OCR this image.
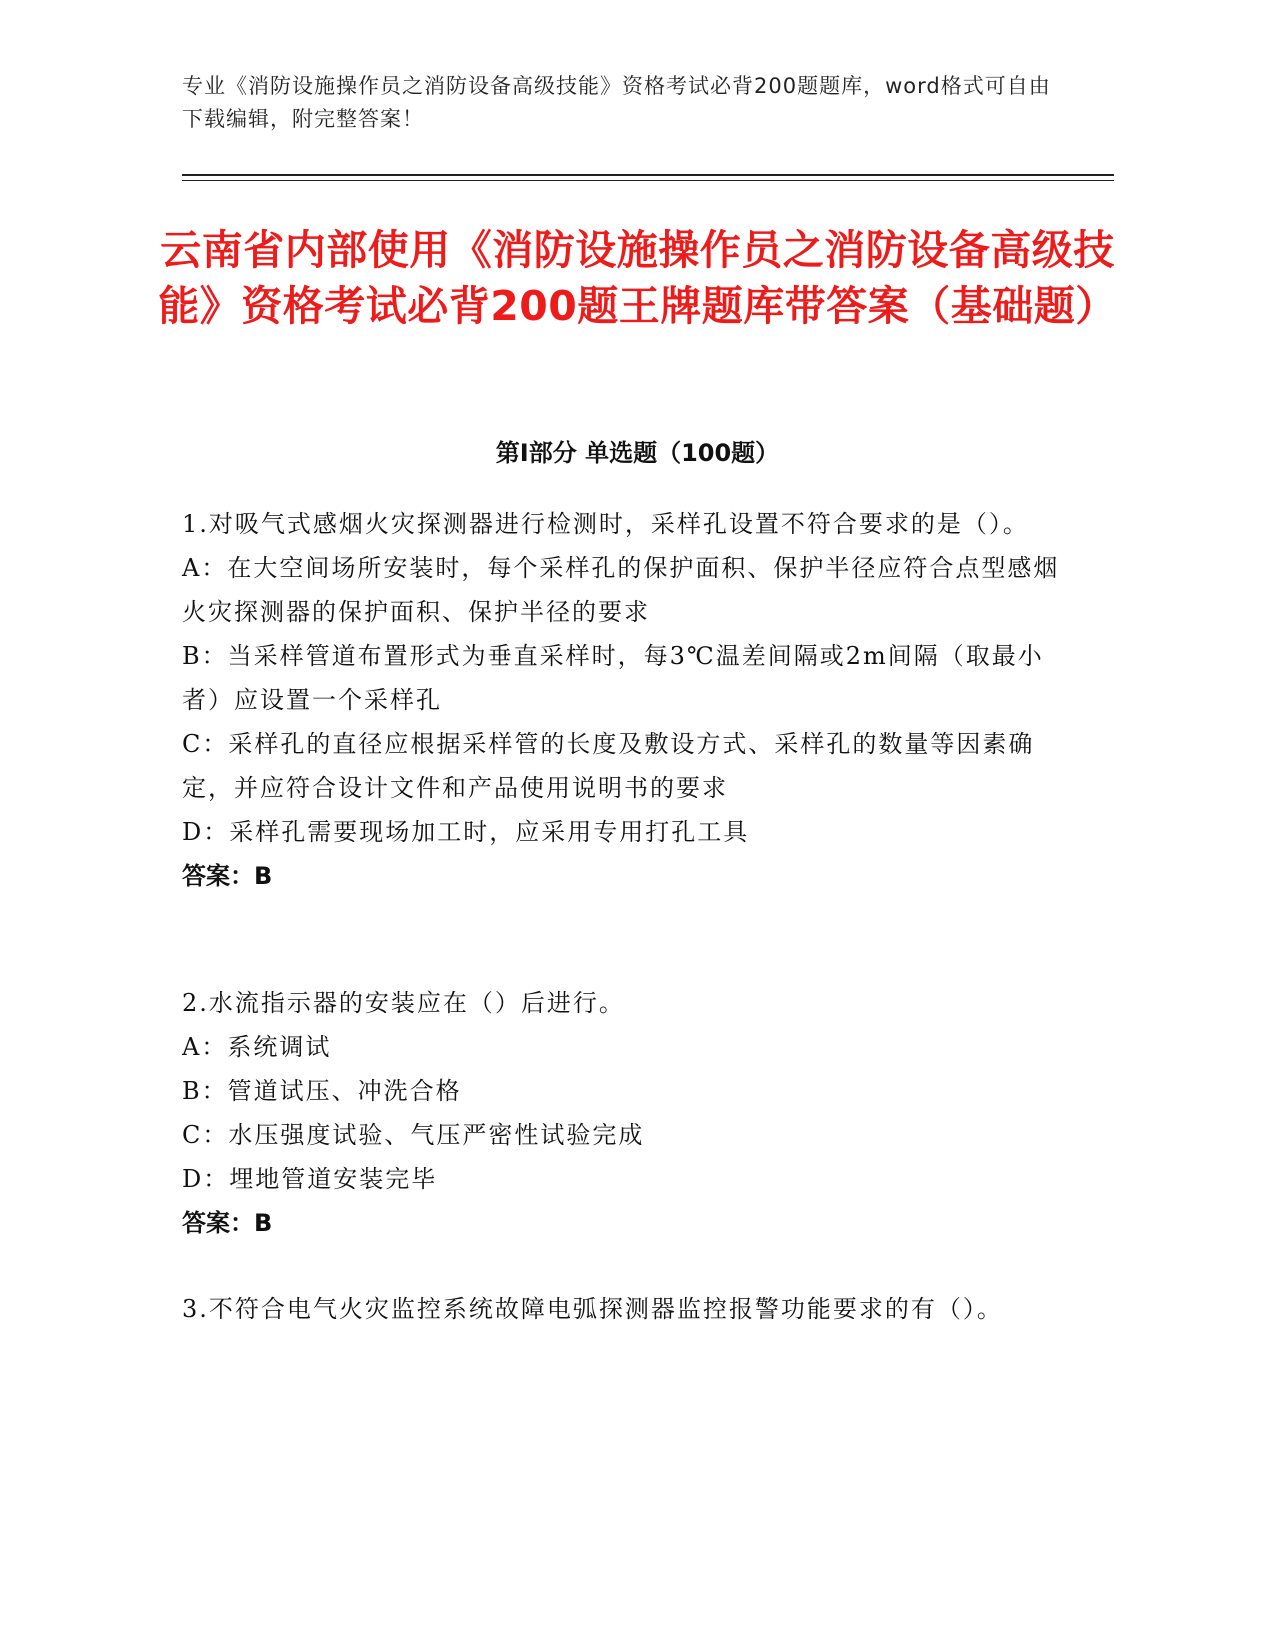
专业《消防设施操作员之消防设备高级技能》资格考试必背200题题库，word格式可自由下载编辑，附完整答案！
云南省内部使用《消防设施操作员之消防设备高级技能》资格考试必背200题王牌题库带答案（基础题）
第Ⅰ部分 单选题（100题）
1.对吸气式感烟火灾探测器进行检测时，采样孔设置不符合要求的是（）。
A：在大空间场所安装时，每个采样孔的保护面积、保护半径应符合点型感烟火灾探测器的保护面积、保护半径的要求
B：当采样管道布置形式为垂直采样时，每3℃温差间隔或2m间隔（取最小者）应设置一个采样孔
C：采样孔的直径应根据采样管的长度及敷设方式、采样孔的数量等因素确定，并应符合设计文件和产品使用说明书的要求
D：采样孔需要现场加工时，应采用专用打孔工具
答案：B
2.水流指示器的安装应在（）后进行。
A：系统调试
B：管道试压、冲洗合格
C：水压强度试验、气压严密性试验完成
D：埋地管道安装完毕
答案：B
3.不符合电气火灾监控系统故障电弧探测器监控报警功能要求的有（）。
